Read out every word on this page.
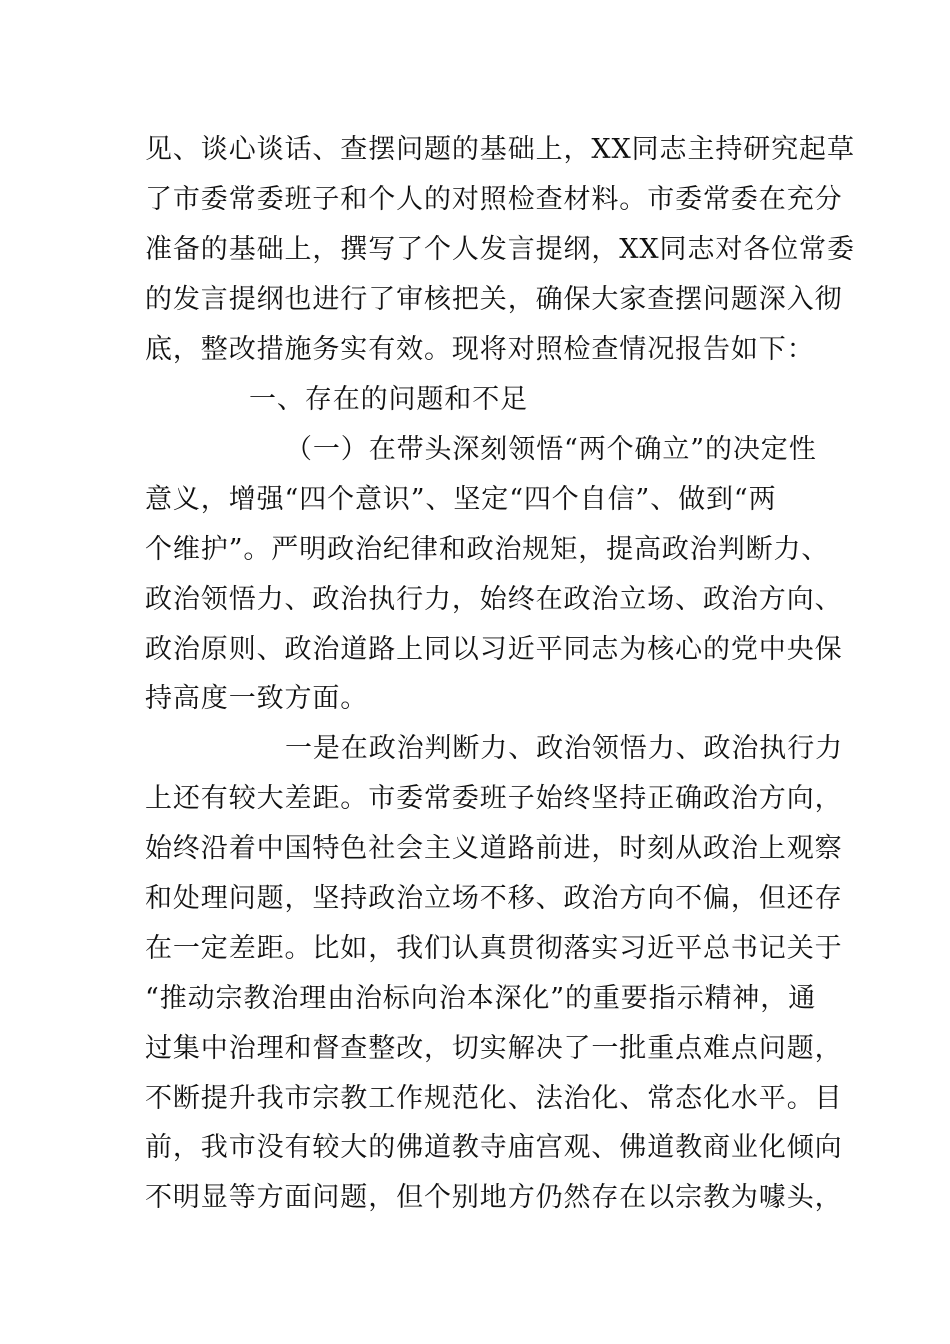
见、谈心谈话、查摆问题的基础上，XX同志主持研究起草
了市委常委班子和个人的对照检查材料。市委常委在充分
准备的基础上，撰写了个人发言提纲，XX同志对各位常委
的发言提纲也进行了审核把关，确保大家查摆问题深入彻
底，整改措施务实有效。现将对照检查情况报告如下：
一、存在的问题和不足
（一）在带头深刻领悟“两个确立”的决定性
意义，增强“四个意识”、坚定“四个自信”、做到“两
个维护”。严明政治纪律和政治规矩，提高政治判断力、
政治领悟力、政治执行力，始终在政治立场、政治方向、
政治原则、政治道路上同以习近平同志为核心的党中央保
持高度一致方面。
一是在政治判断力、政治领悟力、政治执行力
上还有较大差距。市委常委班子始终坚持正确政治方向，
始终沿着中国特色社会主义道路前进，时刻从政治上观察
和处理问题，坚持政治立场不移、政治方向不偏，但还存
在一定差距。比如，我们认真贯彻落实习近平总书记关于
“推动宗教治理由治标向治本深化”的重要指示精神，通
过集中治理和督查整改，切实解决了一批重点难点问题，
不断提升我市宗教工作规范化、法治化、常态化水平。目
前，我市没有较大的佛道教寺庙宫观、佛道教商业化倾向
不明显等方面问题，但个别地方仍然存在以宗教为噱头，
